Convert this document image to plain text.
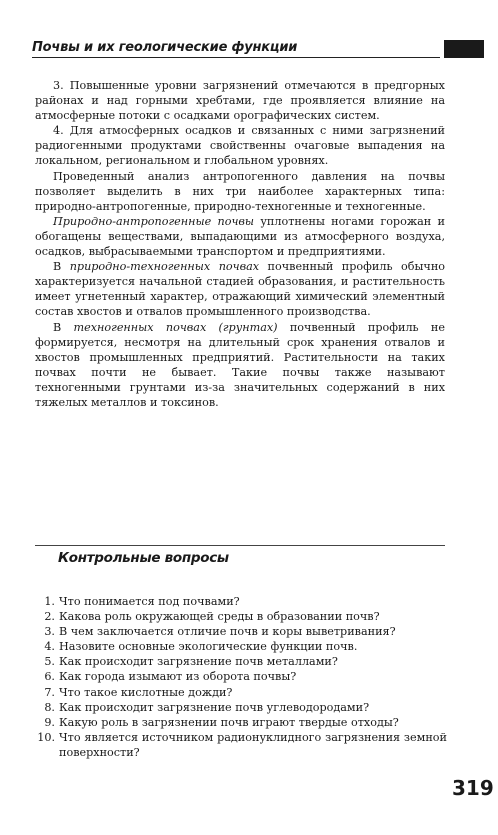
Почвы и их геологические функции

3. Повышенные уровни загрязнений отмечаются в предгорных районах и над горными хребтами, где проявляется влияние на атмосферные потоки с осадками орографических систем.

4. Для атмосферных осадков и связанных с ними загрязнений радиогенными продуктами свойственны очаговые выпадения на локальном, региональном и глобальном уровнях.

Проведенный анализ антропогенного давления на почвы позволяет выделить в них три наиболее характерных типа: природно-антропогенные, природно-техногенные и техногенные.

Природно-антропогенные почвы уплотнены ногами горожан и обогащены веществами, выпадающими из атмосферного воздуха, осадков, выбрасываемыми транспортом и предприятиями.

В природно-техногенных почвах почвенный профиль обычно характеризуется начальной стадией образования, и растительность имеет угнетенный характер, отражающий химический элементный состав хвостов и отвалов промышленного производства.

В техногенных почвах (грунтах) почвенный профиль не формируется, несмотря на длительный срок хранения отвалов и хвостов промышленных предприятий. Растительности на таких почвах почти не бывает. Такие почвы также называют техногенными грунтами из-за значительных содержаний в них тяжелых металлов и токсинов.

Контрольные вопросы
1. Что понимается под почвами?
2. Какова роль окружающей среды в образовании почв?
3. В чем заключается отличие почв и коры выветривания?
4. Назовите основные экологические функции почв.
5. Как происходит загрязнение почв металлами?
6. Как города изымают из оборота почвы?
7. Что такое кислотные дожди?
8. Как происходит загрязнение почв углеводородами?
9. Какую роль в загрязнении почв играют твердые отходы?
10. Что является источником радионуклидного загрязнения земной поверхности?
319
